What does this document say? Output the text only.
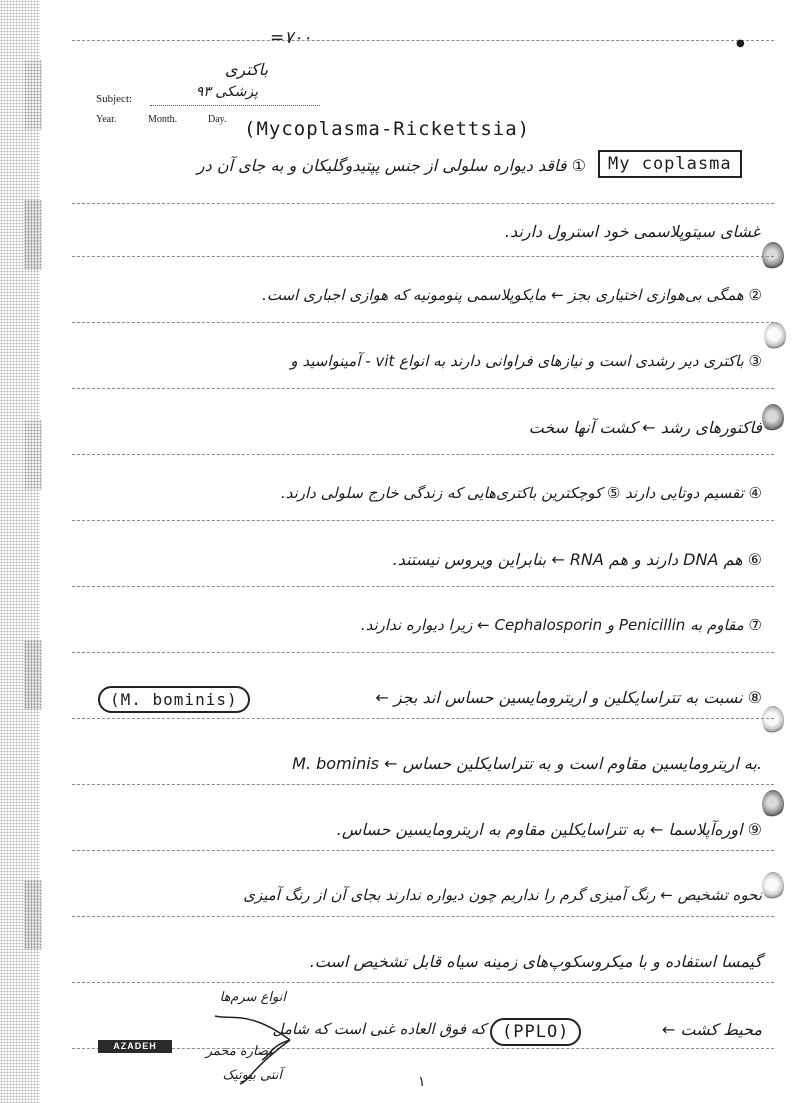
●
=۷۰۰
باکتری
پزشکی ۹۳
Subject:
Year.	Month.	Day. (Mycoplasma-Rickettsia)
My coplasma
① فاقد دیواره سلولی از جنس پپتیدوگلیکان و به جای آن در
غشای سیتوپلاسمی خود استرول دارند.
② همگی بی‌هوازی اختیاری بجز ← مایکوپلاسمی پنومونیه که هوازی اجباری است.
③ باکتری دیر رشدی است و نیازهای فراوانی دارند به انواع vit - آمینواسید و
فاکتورهای رشد ← کشت آنها سخت
④ تقسیم دوتایی دارند ⑤ کوچکترین باکتری‌هایی که زندگی خارج سلولی دارند.
⑥ هم DNA دارند و هم RNA ← بنابراین ویروس نیستند.
⑦ مقاوم به Penicillin و Cephalosporin ← زیرا دیواره ندارند.
(M. bominis)	⑧ نسبت به تتراسایکلین و اریترومایسین حساس اند بجز ←
M. bominis ← به اریترومایسین مقاوم است و به تتراسایکلین حساس.
⑨ اوره‌آپلاسما ← به تتراسایکلین مقاوم به اریترومایسین حساس.
نحوه تشخیص ← رنگ آمیزی گرم را نداریم چون دیواره ندارند بجای آن از رنگ آمیزی
گیمسا استفاده و با میکروسکوپ‌های زمینه سیاه قابل تشخیص است.
که فوق العاده غنی است که شامل (PPLO)	محیط کشت ←
AZADEH
انواع سرم‌ها
عصاره مخمر
آنتی بیوتیک	۱
